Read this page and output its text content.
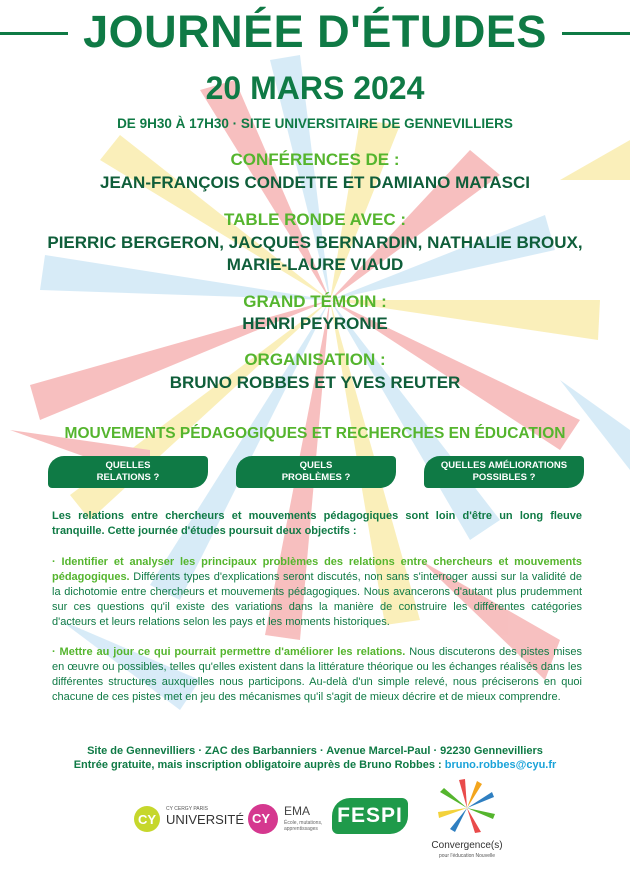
JOURNÉE D'ÉTUDES
20 MARS 2024
DE 9H30 À 17H30 · SITE UNIVERSITAIRE DE GENNEVILLIERS
CONFÉRENCES DE :
JEAN-FRANÇOIS CONDETTE ET DAMIANO MATASCI
TABLE RONDE AVEC :
PIERRIC BERGERON, JACQUES BERNARDIN, NATHALIE BROUX,
MARIE-LAURE VIAUD
GRAND TÉMOIN :
HENRI PEYRONIE
ORGANISATION :
BRUNO ROBBES ET YVES REUTER
MOUVEMENTS PÉDAGOGIQUES ET RECHERCHES EN ÉDUCATION
QUELLES
RELATIONS ?
QUELS
PROBLÈMES ?
QUELLES AMÉLIORATIONS
POSSIBLES ?
Les relations entre chercheurs et mouvements pédagogiques sont loin d'être un long fleuve tranquille. Cette journée d'études poursuit deux objectifs :
· Identifier et analyser les principaux problèmes des relations entre chercheurs et mouvements pédagogiques. Différents types d'explications seront discutés, non sans s'interroger aussi sur la validité de la dichotomie entre chercheurs et mouvements pédagogiques. Nous avancerons d'autant plus prudemment sur ces questions qu'il existe des variations dans la manière de construire les différentes catégories d'acteurs et leurs relations selon les pays et les moments historiques.
· Mettre au jour ce qui pourrait permettre d'améliorer les relations. Nous discuterons des pistes mises en œuvre ou possibles, telles qu'elles existent dans la littérature théorique ou les échanges réalisés dans les différentes structures auxquelles nous participons. Au-delà d'un simple relevé, nous préciserons en quoi chacune de ces pistes met en jeu des mécanismes qu'il s'agit de mieux décrire et de mieux comprendre.
Site de Gennevilliers · ZAC des Barbanniers · Avenue Marcel-Paul · 92230 Gennevilliers
Entrée gratuite, mais inscription obligatoire auprès de Bruno Robbes : bruno.robbes@cyu.fr
CY
CY CERGY PARIS
UNIVERSITÉ CY EMA
École, mutations,
apprentissages
FESPI
Convergence(s)
pour l'éducation Nouvelle
